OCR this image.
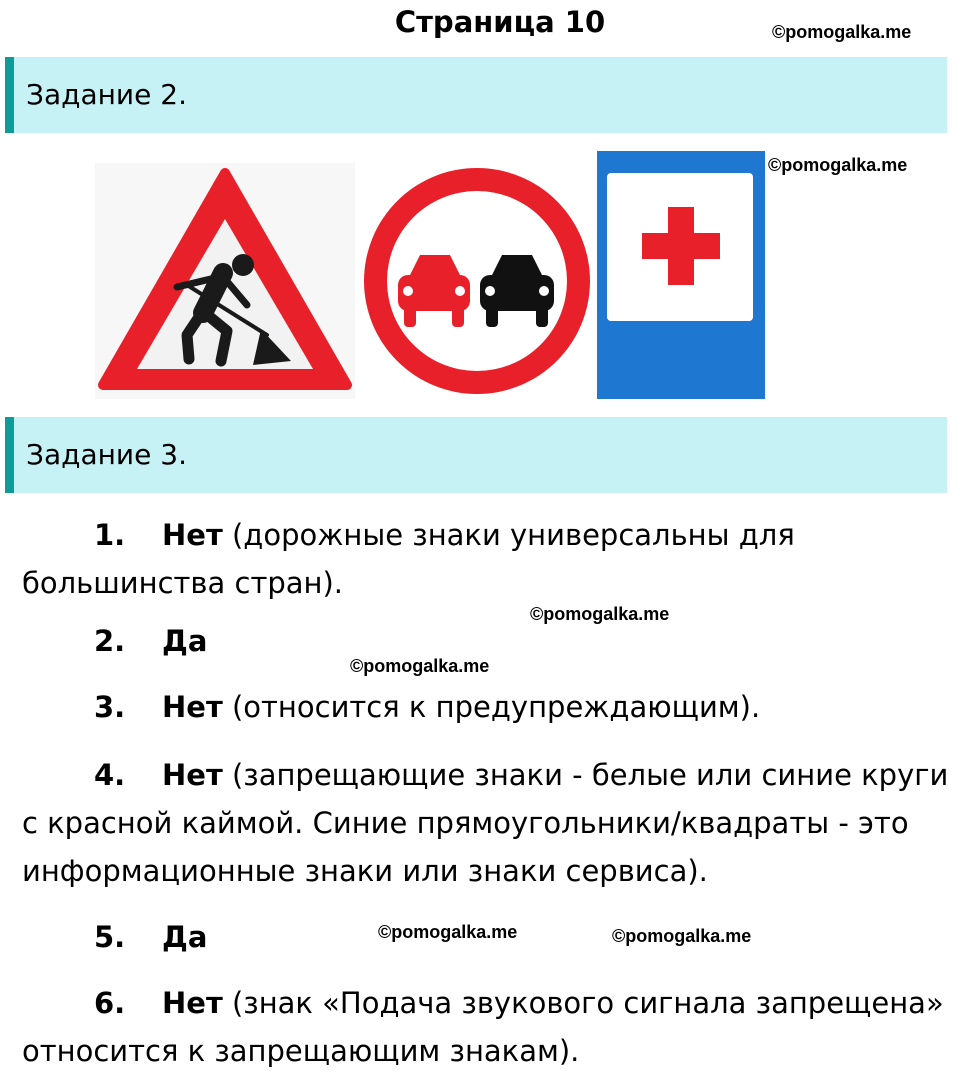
Страница 10	©pomogalka.me
Задание 2.
©pomogalka.me
Задание 3.
1. Нет (дорожные знаки универсальны для
большинства стран).
©pomogalka.me
2. Да
©pomogalka.me
3. Нет (относится к предупреждающим).
4. Нет (запрещающие знаки - белые или синие круги
с красной каймой. Синие прямоугольники/квадраты - это
информационные знаки или знаки сервиса).
5. Да	©pomogalka.me	©pomogalka.me
6. Нет (знак «Подача звукового сигнала запрещена»
относится к запрещающим знакам).
